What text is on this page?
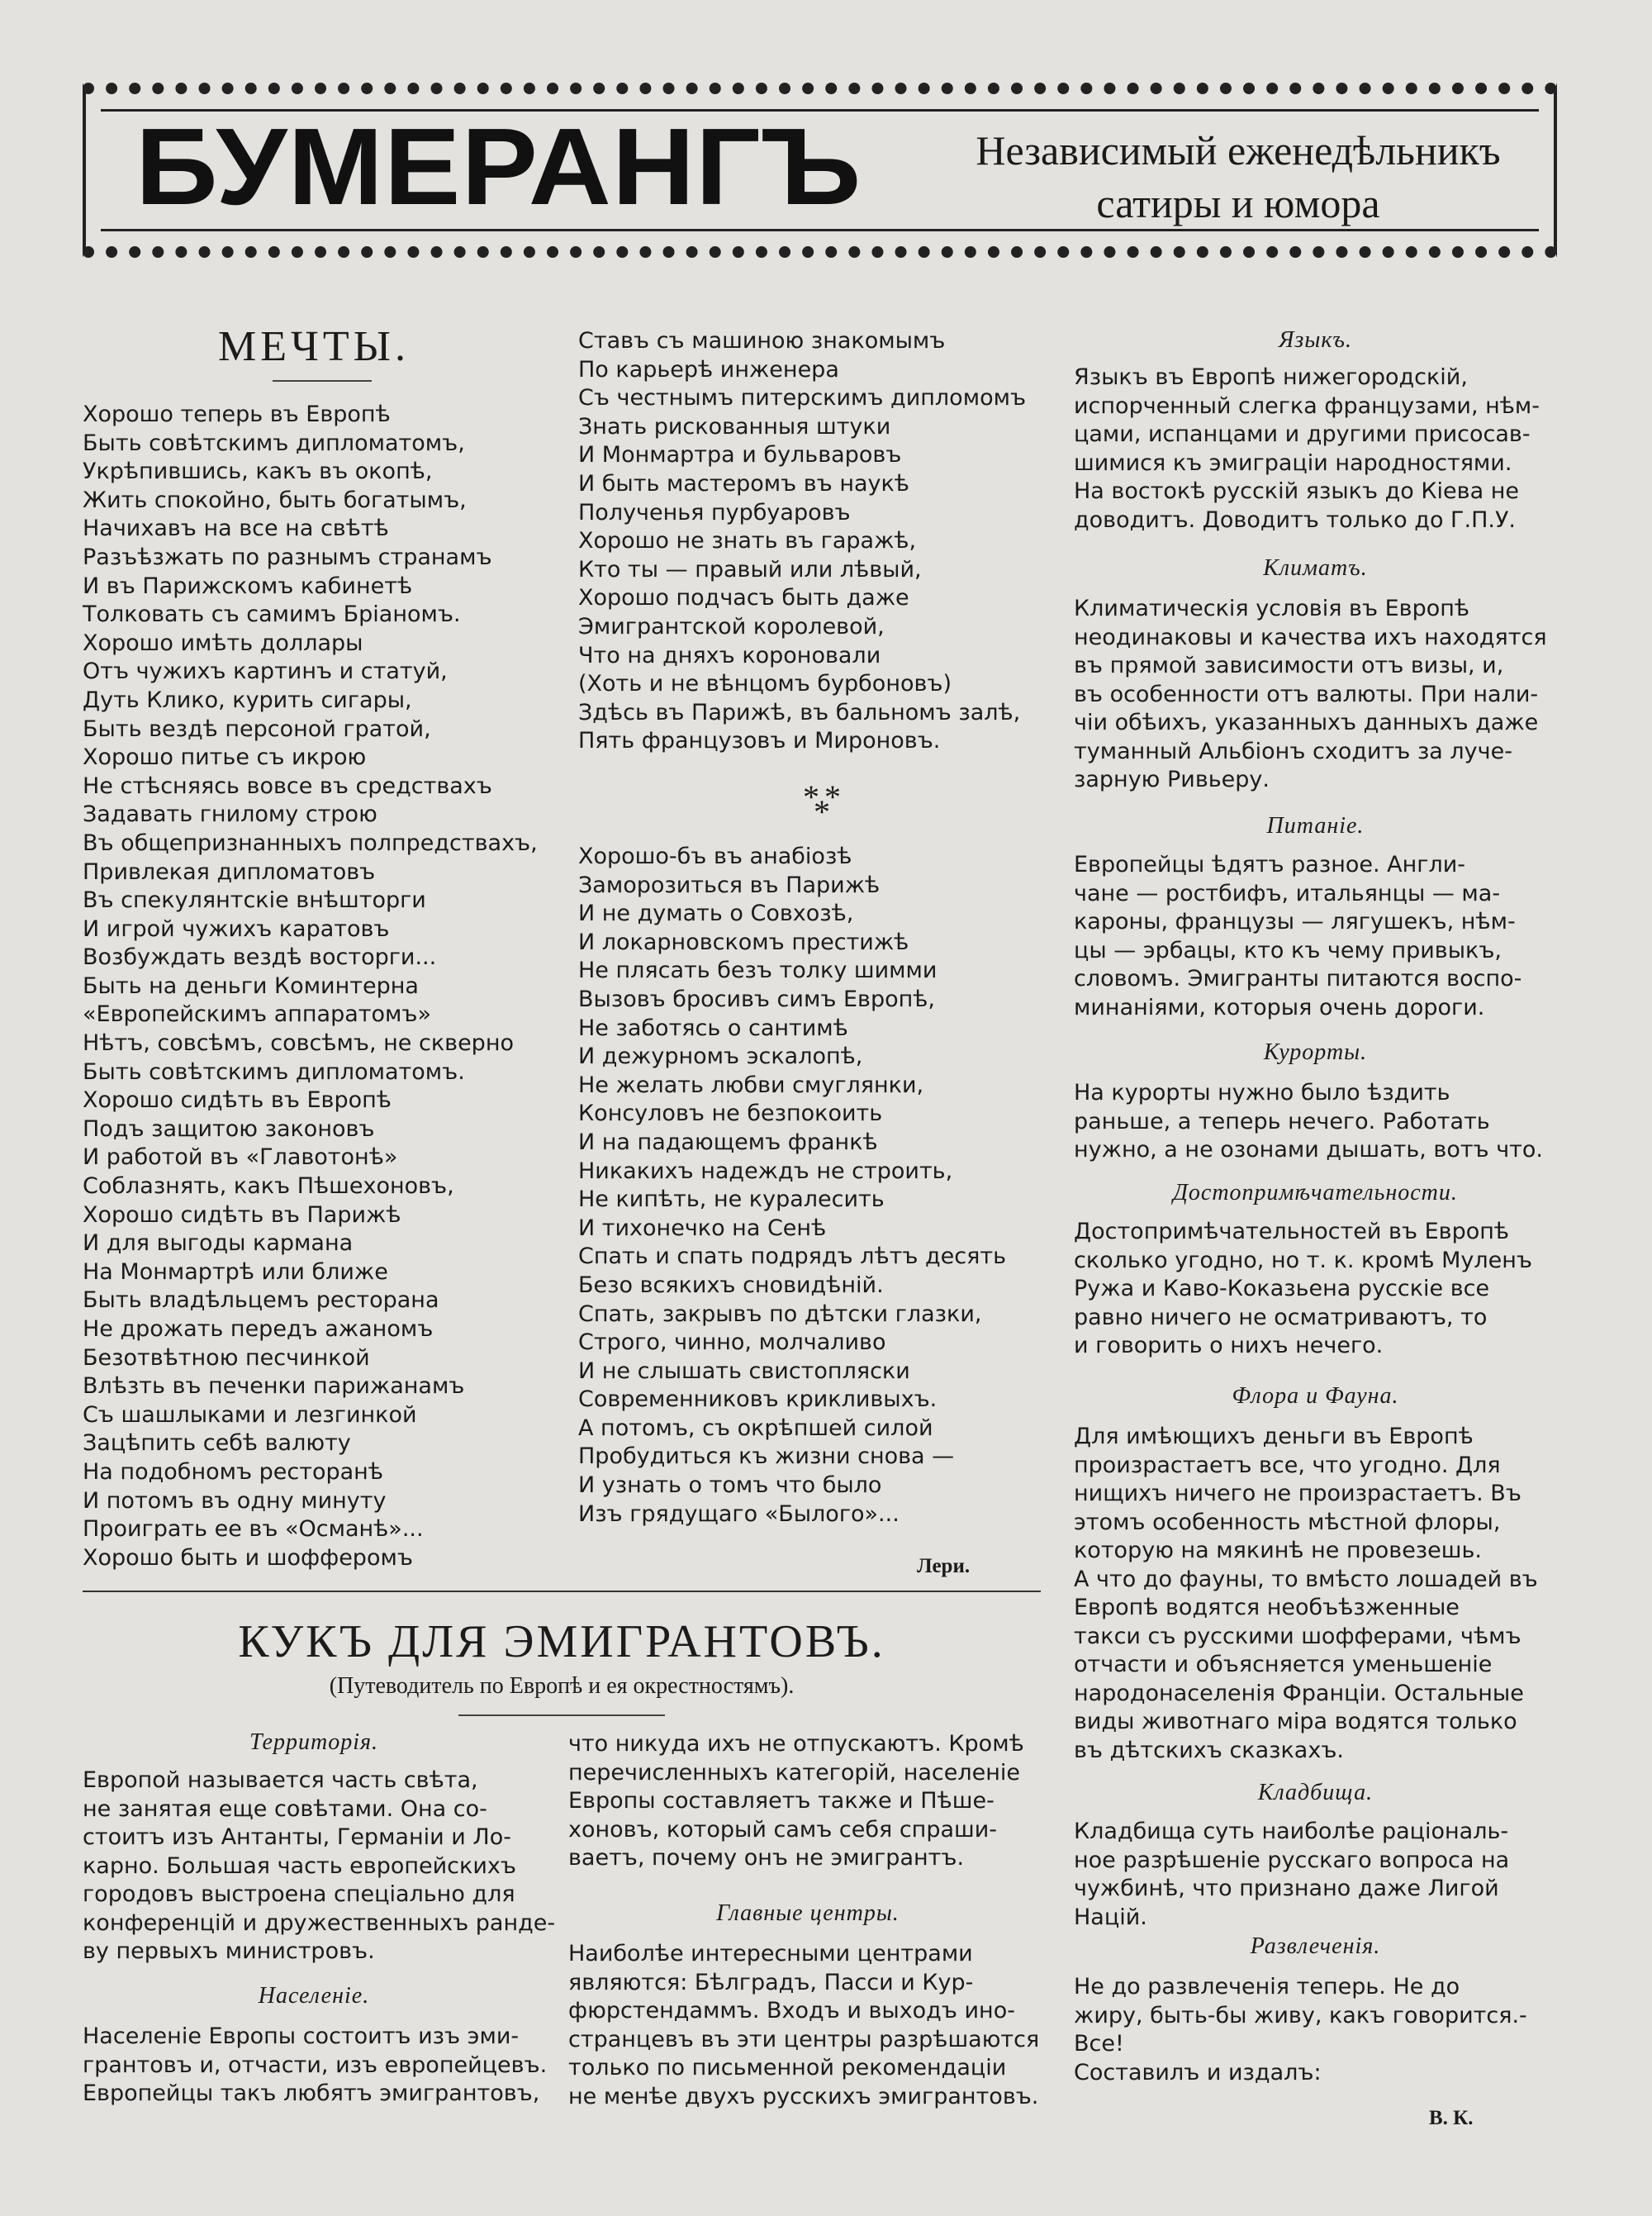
БУМЕРАНГЪ	Независимый еженедѣльникъ
сатиры и юмора
МЕЧТЫ.
Хорошо теперь въ Европѣ
Быть совѣтскимъ дипломатомъ,
Укрѣпившись, какъ въ окопѣ,
Жить спокойно, быть богатымъ,
Начихавъ на все на свѣтѣ
Разъѣзжать по разнымъ странамъ
И въ Парижскомъ кабинетѣ
Толковать съ самимъ Бріаномъ.
Хорошо имѣть доллары
Отъ чужихъ картинъ и статуй,
Дуть Клико, курить сигары,
Быть вездѣ персоной гратой,
Хорошо питье съ икрою
Не стѣсняясь вовсе въ средствахъ
Задавать гнилому строю
Въ общепризнанныхъ полпредствахъ,
Привлекая дипломатовъ
Въ спекулянтскіе внѣшторги
И игрой чужихъ каратовъ
Возбуждать вездѣ восторги...
Быть на деньги Коминтерна
«Европейскимъ аппаратомъ»
Нѣтъ, совсѣмъ, совсѣмъ, не скверно
Быть совѣтскимъ дипломатомъ.
Хорошо сидѣть въ Европѣ
Подъ защитою законовъ
И работой въ «Главотонѣ»
Соблазнять, какъ Пѣшехоновъ,
Хорошо сидѣть въ Парижѣ
И для выгоды кармана
На Монмартрѣ или ближе
Быть владѣльцемъ ресторана
Не дрожать передъ ажаномъ
Безотвѣтною песчинкой
Влѣзть въ печенки парижанамъ
Съ шашлыками и лезгинкой
Зацѣпить себѣ валюту
На подобномъ ресторанѣ
И потомъ въ одну минуту
Проиграть ее въ «Османѣ»...
Хорошо быть и шофферомъ
Ставъ съ машиною знакомымъ
По карьерѣ инженера
Съ честнымъ питерскимъ дипломомъ
Знать рискованныя штуки
И Монмартра и бульваровъ
И быть мастеромъ въ наукѣ
Полученья пурбуаровъ
Хорошо не знать въ гаражѣ,
Кто ты — правый или лѣвый,
Хорошо подчасъ быть даже
Эмигрантской королевой,
Что на дняхъ короновали
(Хоть и не вѣнцомъ бурбоновъ)
Здѣсь въ Парижѣ, въ бальномъ залѣ,
Пять французовъ и Мироновъ.
* *
*
Хорошо-бъ въ анабіозѣ
Заморозиться въ Парижѣ
И не думать о Совхозѣ,
И локарновскомъ престижѣ
Не плясать безъ толку шимми
Вызовъ бросивъ симъ Европѣ,
Не заботясь о сантимѣ
И дежурномъ эскалопѣ,
Не желать любви смуглянки,
Консуловъ не безпокоить
И на падающемъ франкѣ
Никакихъ надеждъ не строить,
Не кипѣть, не куралесить
И тихонечко на Сенѣ
Спать и спать подрядъ лѣтъ десять
Безо всякихъ сновидѣній.
Спать, закрывъ по дѣтски глазки,
Строго, чинно, молчаливо
И не слышать свистопляски
Современниковъ крикливыхъ.
А потомъ, съ окрѣпшей силой
Пробудиться къ жизни снова —
И узнать о томъ что было
Изъ грядущаго «Былого»...
Лери.
КУКЪ ДЛЯ ЭМИГРАНТОВЪ.
(Путеводитель по Европѣ и ея окрестностямъ).
Территорія.

Европой называется часть свѣта,
не занятая еще совѣтами. Она со-
стоитъ изъ Антанты, Германіи и Ло-
карно. Большая часть европейскихъ
городовъ выстроена спеціально для
конференцій и дружественныхъ ранде-
ву первыхъ министровъ.

Населеніе.

Населеніе Европы состоитъ изъ эми-
грантовъ и, отчасти, изъ европейцевъ.
Европейцы такъ любятъ эмигрантовъ,

что никуда ихъ не отпускаютъ. Кромѣ
перечисленныхъ категорій, населеніе
Европы составляетъ также и Пѣше-
хоновъ, который самъ себя спраши-
ваетъ, почему онъ не эмигрантъ.

Главные центры.

Наиболѣе интересными центрами
являются: Бѣлградъ, Пасси и Кур-
фюрстендаммъ. Входъ и выходъ ино-
странцевъ въ эти центры разрѣшаются
только по письменной рекомендаціи
не менѣе двухъ русскихъ эмигрантовъ.

Языкъ.

Языкъ въ Европѣ нижегородскій,
испорченный слегка французами, нѣм-
цами, испанцами и другими присосав-
шимися къ эмиграціи народностями.
На востокѣ русскій языкъ до Кіева не
доводитъ. Доводитъ только до Г.П.У.

Климатъ.

Климатическія условія въ Европѣ
неодинаковы и качества ихъ находятся
въ прямой зависимости отъ визы, и,
въ особенности отъ валюты. При нали-
чіи обѣихъ, указанныхъ данныхъ даже
туманный Альбіонъ сходитъ за луче-
зарную Ривьеру.

Питаніе.

Европейцы ѣдятъ разное. Англи-
чане — ростбифъ, итальянцы — ма-
кароны, французы — лягушекъ, нѣм-
цы — эрбацы, кто къ чему привыкъ,
словомъ. Эмигранты питаются воспо-
минаніями, которыя очень дороги.

Курорты.

На курорты нужно было ѣздить
раньше, а теперь нечего. Работать
нужно, а не озонами дышать, вотъ что.

Достопримѣчательности.

Достопримѣчательностей въ Европѣ
сколько угодно, но т. к. кромѣ Муленъ
Ружа и Каво-Коказьена русскіе все
равно ничего не осматриваютъ, то
и говорить о нихъ нечего.

Флора и Фауна.

Для имѣющихъ деньги въ Европѣ
произрастаетъ все, что угодно. Для
нищихъ ничего не произрастаетъ. Въ
этомъ особенность мѣстной флоры,
которую на мякинѣ не провезешь.
А что до фауны, то вмѣсто лошадей въ
Европѣ водятся необъѣзженные
такси съ русскими шофферами, чѣмъ
отчасти и объясняется уменьшеніе
народонаселенія Франціи. Остальные
виды животнаго міра водятся только
въ дѣтскихъ сказкахъ.

Кладбища.

Кладбища суть наиболѣе раціональ-
ное разрѣшеніе русскаго вопроса на
чужбинѣ, что признано даже Лигой
Націй.

Развлеченія.

Не до развлеченія теперь. Не до
жиру, быть-бы живу, какъ говорится.-
Все!
Составилъ и издалъ:

В. К.
